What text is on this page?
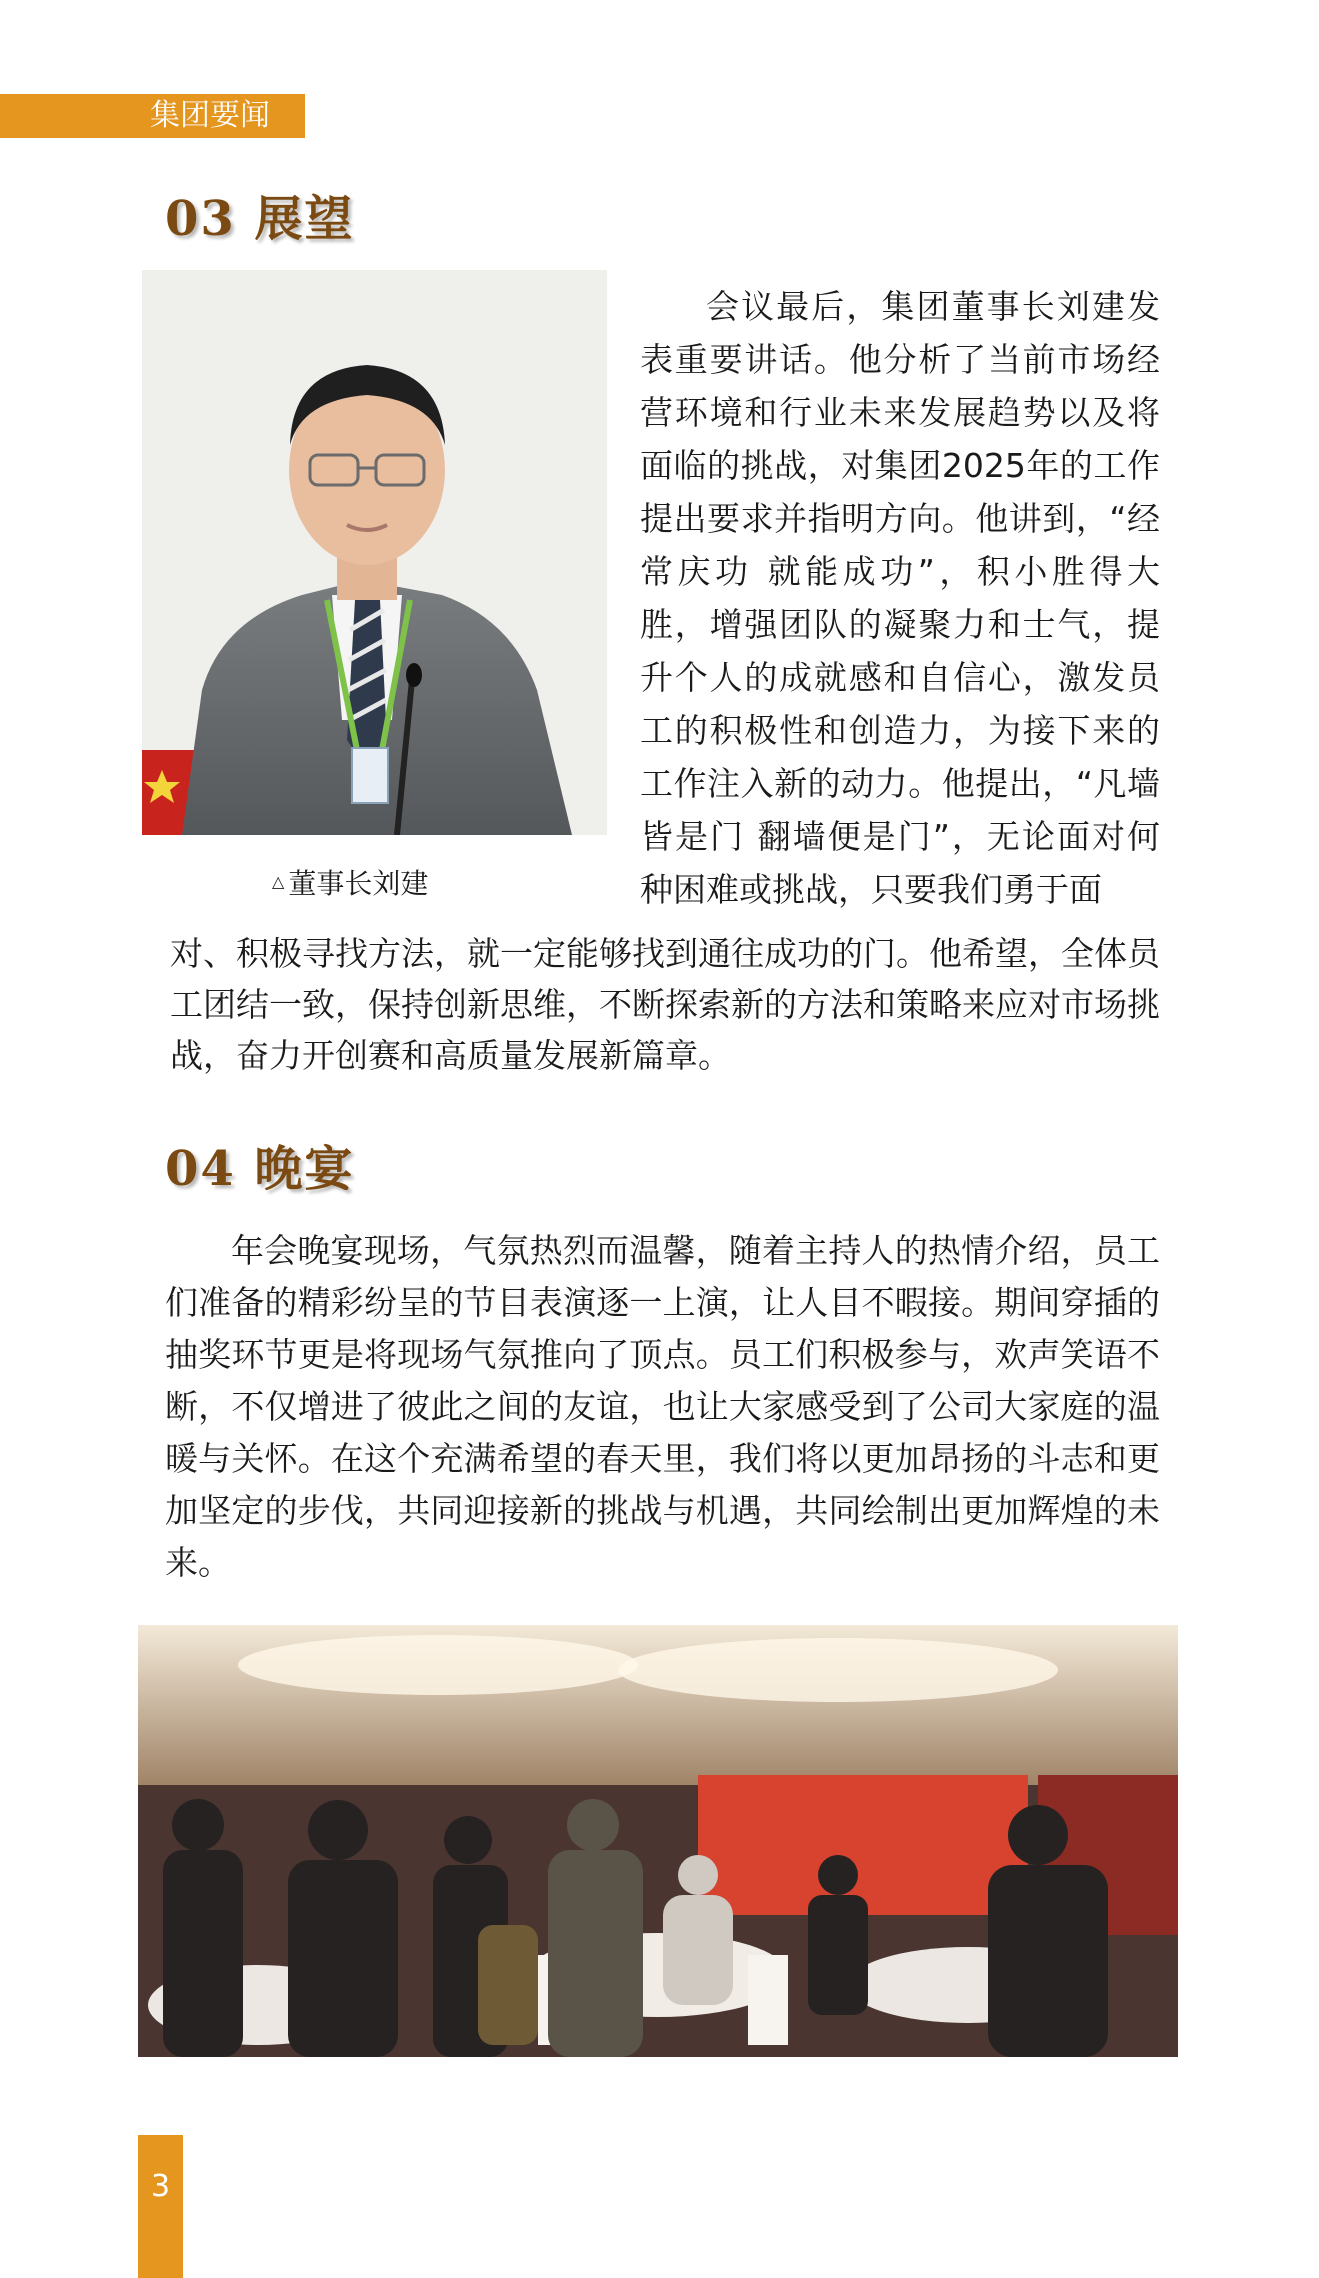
集团要闻
03 展望
△ 董事长刘建
会议最后，集团董事长刘建发表重要讲话。他分析了当前市场经营环境和行业未来发展趋势以及将面临的挑战，对集团2025年的工作提出要求并指明方向。他讲到，“经常庆功 就能成功”，积小胜得大胜，增强团队的凝聚力和士气，提升个人的成就感和自信心，激发员工的积极性和创造力，为接下来的工作注入新的动力。他提出，“凡墙皆是门 翻墙便是门”，无论面对何种困难或挑战，只要我们勇于面
对、积极寻找方法，就一定能够找到通往成功的门。他希望，全体员工团结一致，保持创新思维，不断探索新的方法和策略来应对市场挑战，奋力开创赛和高质量发展新篇章。
04 晚宴
年会晚宴现场，气氛热烈而温馨，随着主持人的热情介绍，员工们准备的精彩纷呈的节目表演逐一上演，让人目不暇接。期间穿插的抽奖环节更是将现场气氛推向了顶点。员工们积极参与，欢声笑语不断，不仅增进了彼此之间的友谊，也让大家感受到了公司大家庭的温暖与关怀。在这个充满希望的春天里，我们将以更加昂扬的斗志和更加坚定的步伐，共同迎接新的挑战与机遇，共同绘制出更加辉煌的未来。
3
